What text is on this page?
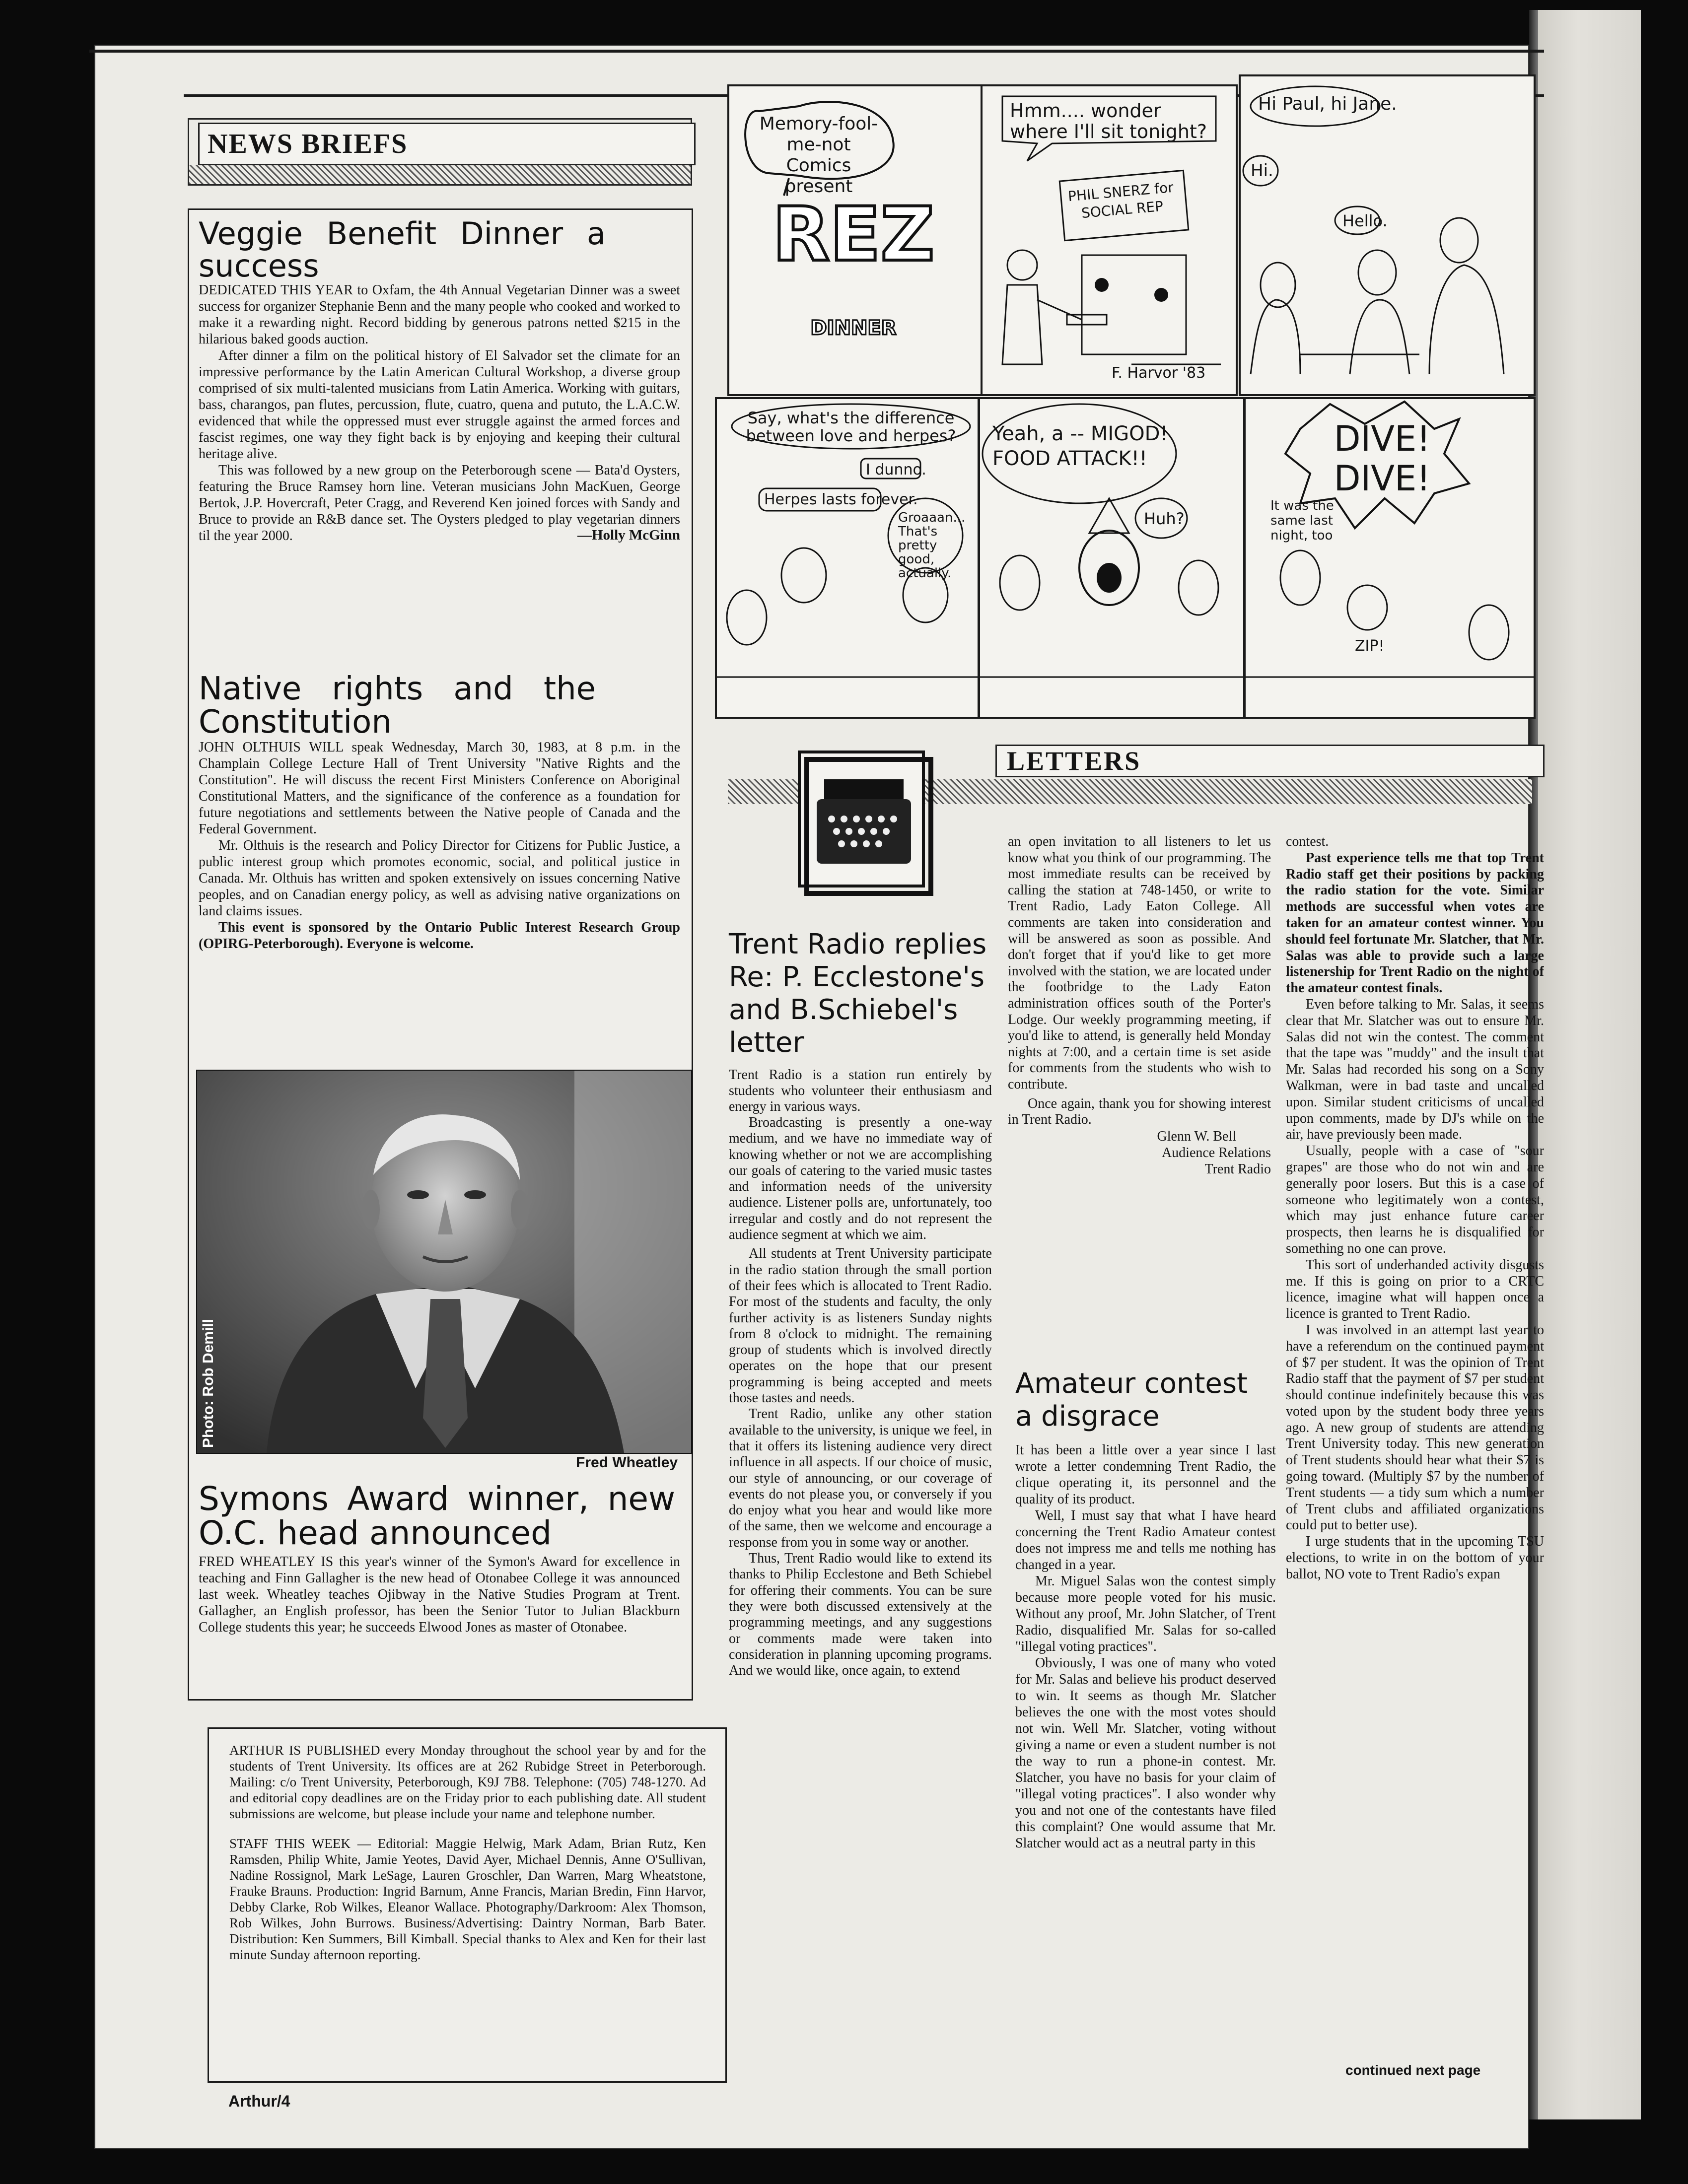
NEWS BRIEFS
Veggie Benefit Dinner a success

DEDICATED THIS YEAR to Oxfam, the 4th Annual Vegetarian Dinner was a sweet success for organizer Stephanie Benn and the many people who cooked and worked to make it a rewarding night. Record bidding by generous patrons netted $215 in the hilarious baked goods auction.

After dinner a film on the political history of El Salvador set the climate for an impressive performance by the Latin American Cultural Workshop, a diverse group comprised of six multi-talented musicians from Latin America. Working with guitars, bass, charangos, pan flutes, percussion, flute, cuatro, quena and pututo, the L.A.C.W. evidenced that while the oppressed must ever struggle against the armed forces and fascist regimes, one way they fight back is by enjoying and keeping their cultural heritage alive.

This was followed by a new group on the Peterborough scene — Bata'd Oysters, featuring the Bruce Ramsey horn line. Veteran musicians John MacKuen, George Bertok, J.P. Hovercraft, Peter Cragg, and Reverend Ken joined forces with Sandy and Bruce to provide an R&B dance set. The Oysters pledged to play vegetarian dinners til the year 2000.	—Holly McGinn
Native rights and the Constitution

JOHN OLTHUIS WILL speak Wednesday, March 30, 1983, at 8 p.m. in the Champlain College Lecture Hall of Trent University "Native Rights and the Constitution". He will discuss the recent First Ministers Conference on Aboriginal Constitutional Matters, and the significance of the conference as a foundation for future negotiations and settlements between the Native people of Canada and the Federal Government.

Mr. Olthuis is the research and Policy Director for Citizens for Public Justice, a public interest group which promotes economic, social, and political justice in Canada. Mr. Olthuis has written and spoken extensively on issues concerning Native peoples, and on Canadian energy policy, as well as advising native organizations on land claims issues.

This event is sponsored by the Ontario Public Interest Research Group (OPIRG-Peterborough). Everyone is welcome.

Photo: Rob Demill
Fred Wheatley
Symons Award winner, new O.C. head announced

FRED WHEATLEY IS this year's winner of the Symon's Award for excellence in teaching and Finn Gallagher is the new head of Otonabee College it was announced last week. Wheatley teaches Ojibway in the Native Studies Program at Trent. Gallagher, an English professor, has been the Senior Tutor to Julian Blackburn College students this year; he succeeds Elwood Jones as master of Otonabee.

ARTHUR IS PUBLISHED every Monday throughout the school year by and for the students of Trent University. Its offices are at 262 Rubidge Street in Peterborough. Mailing: c/o Trent University, Peterborough, K9J 7B8. Telephone: (705) 748-1270. Ad and editorial copy deadlines are on the Friday prior to each publishing date. All student submissions are welcome, but please include your name and telephone number.

STAFF THIS WEEK — Editorial: Maggie Helwig, Mark Adam, Brian Rutz, Ken Ramsden, Philip White, Jamie Yeotes, David Ayer, Michael Dennis, Anne O'Sullivan, Nadine Rossignol, Mark LeSage, Lauren Groschler, Dan Warren, Marg Wheatstone, Frauke Brauns. Production: Ingrid Barnum, Anne Francis, Marian Bredin, Finn Harvor, Debby Clarke, Rob Wilkes, Eleanor Wallace. Photography/Darkroom: Alex Thomson, Rob Wilkes, John Burrows. Business/Advertising: Daintry Norman, Barb Bater. Distribution: Ken Summers, Bill Kimball. Special thanks to Alex and Ken for their last minute Sunday afternoon reporting.

DINNER
REZ
Memory-fool-me-not Comics present
Hmm.... wonder where I'll sit tonight?
PHIL SNERZ for SOCIAL REP
F. Harvor '83
Hi Paul, hi Jane.
Hi.
Hello.
Say, what's the difference between love and herpes?
I dunno.
Herpes lasts forever.
Groaaan... That's pretty good, actually.
Yeah, a -- MIGOD! FOOD ATTACK!!
Huh?
DIVE! DIVE!
It was the same last night, too
ZIP!
LETTERS
Trent Radio replies Re: P. Ecclestone's and B.Schiebel's letter

Trent Radio is a station run entirely by students who volunteer their enthusiasm and energy in various ways.

Broadcasting is presently a one-way medium, and we have no immediate way of knowing whether or not we are accomplishing our goals of catering to the varied music tastes and information needs of the university audience. Listener polls are, unfortunately, too irregular and costly and do not represent the audience segment at which we aim.

All students at Trent University participate in the radio station through the small portion of their fees which is allocated to Trent Radio. For most of the students and faculty, the only further activity is as listeners Sunday nights from 8 o'clock to midnight. The remaining group of students which is involved directly operates on the hope that our present programming is being accepted and meets those tastes and needs.

Trent Radio, unlike any other station available to the university, is unique we feel, in that it offers its listening audience very direct influence in all aspects. If our choice of music, our style of announcing, or our coverage of events do not please you, or conversely if you do enjoy what you hear and would like more of the same, then we welcome and encourage a response from you in some way or another.

Thus, Trent Radio would like to extend its thanks to Philip Ecclestone and Beth Schiebel for offering their comments. You can be sure they were both discussed extensively at the programming meetings, and any suggestions or comments made were taken into consideration in planning upcoming programs. And we would like, once again, to extend

an open invitation to all listeners to let us know what you think of our programming. The most immediate results can be received by calling the station at 748-1450, or write to Trent Radio, Lady Eaton College. All comments are taken into consideration and will be answered as soon as possible. And don't forget that if you'd like to get more involved with the station, we are located under the footbridge to the Lady Eaton administration offices south of the Porter's Lodge. Our weekly programming meeting, if you'd like to attend, is generally held Monday nights at 7:00, and a certain time is set aside for comments from the students who wish to contribute.

Once again, thank you for showing interest in Trent Radio.

Glenn W. Bell
Audience Relations
Trent Radio
Amateur contest a disgrace

It has been a little over a year since I last wrote a letter condemning Trent Radio, the clique operating it, its personnel and the quality of its product.

Well, I must say that what I have heard concerning the Trent Radio Amateur contest does not impress me and tells me nothing has changed in a year.

Mr. Miguel Salas won the contest simply because more people voted for his music. Without any proof, Mr. John Slatcher, of Trent Radio, disqualified Mr. Salas for so-called "illegal voting practices".

Obviously, I was one of many who voted for Mr. Salas and believe his product deserved to win. It seems as though Mr. Slatcher believes the one with the most votes should not win. Well Mr. Slatcher, voting without giving a name or even a student number is not the way to run a phone-in contest. Mr. Slatcher, you have no basis for your claim of "illegal voting practices". I also wonder why you and not one of the contestants have filed this complaint? One would assume that Mr. Slatcher would act as a neutral party in this

contest.

Past experience tells me that top Trent Radio staff get their positions by packing the radio station for the vote. Similar methods are successful when votes are taken for an amateur contest winner. You should feel fortunate Mr. Slatcher, that Mr. Salas was able to provide such a large listenership for Trent Radio on the night of the amateur contest finals.

Even before talking to Mr. Salas, it seems clear that Mr. Slatcher was out to ensure Mr. Salas did not win the contest. The comment that the tape was "muddy" and the insult that Mr. Salas had recorded his song on a Sony Walkman, were in bad taste and uncalled upon. Similar student criticisms of uncalled upon comments, made by DJ's while on the air, have previously been made.

Usually, people with a case of "sour grapes" are those who do not win and are generally poor losers. But this is a case of someone who legitimately won a contest, which may just enhance future career prospects, then learns he is disqualified for something no one can prove.

This sort of underhanded activity disgusts me. If this is going on prior to a CRTC licence, imagine what will happen once a licence is granted to Trent Radio.

I was involved in an attempt last year to have a referendum on the continued payment of $7 per student. It was the opinion of Trent Radio staff that the payment of $7 per student should continue indefinitely because this was voted upon by the student body three years ago. A new group of students are attending Trent University today. This new generation of Trent students should hear what their $7 is going toward. (Multiply $7 by the number of Trent students — a tidy sum which a number of Trent clubs and affiliated organizations could put to better use).

I urge students that in the upcoming TSU elections, to write in on the bottom of your ballot, NO vote to Trent Radio's expan

continued next page
Arthur/4
